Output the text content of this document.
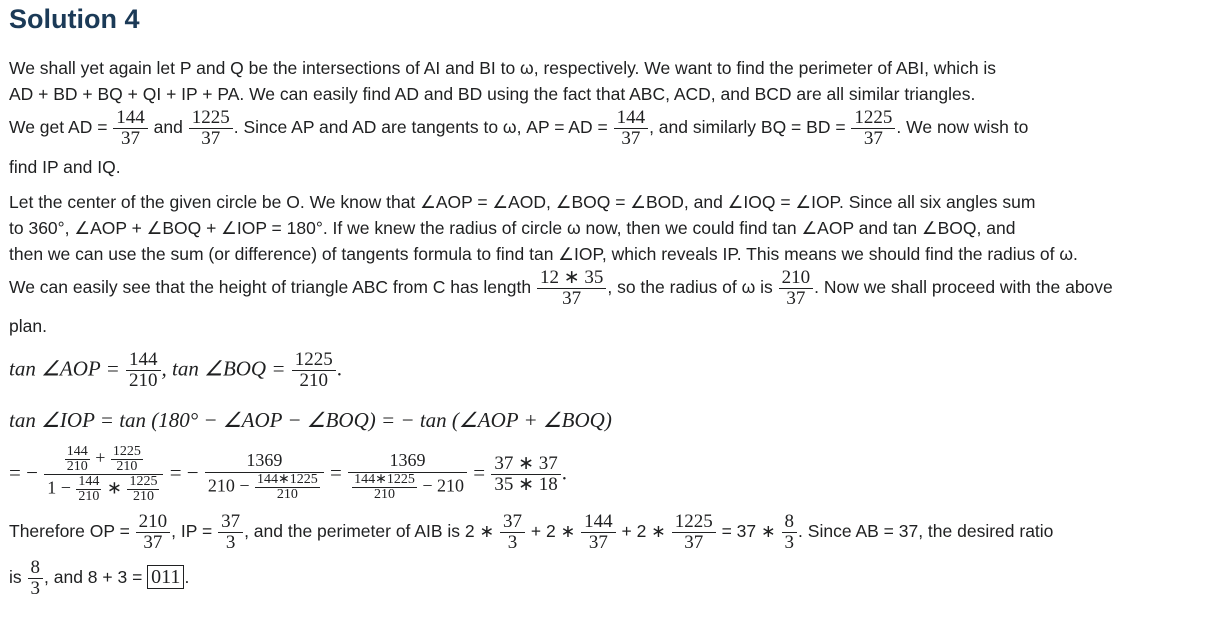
Solution 4
We shall yet again let P and Q be the intersections of AI and BI to ω, respectively. We want to find the perimeter of ABI, which is
AD + BD + BQ + QI + IP + PA. We can easily find AD and BD using the fact that ABC, ACD, and BCD are all similar triangles.
We get AD = $\frac{144}{37}$ and $\frac{1225}{37}$ . Since AP and AD are tangents to ω, AP = AD = $\frac{144}{37}$ , and similarly BQ = BD = $\frac{1225}{37}$ . We now wish to
find IP and IQ.
Let the center of the given circle be O. We know that ∠AOP = ∠AOD, ∠BOQ = ∠BOD, and ∠IOQ = ∠IOP. Since all six angles sum
to 360°, ∠AOP + ∠BOQ + ∠IOP = 180°. If we knew the radius of circle ω now, then we could find tan ∠AOP and tan ∠BOQ, and
then we can use the sum (or difference) of tangents formula to find tan ∠IOP, which reveals IP. This means we should find the radius of ω.
We can easily see that the height of triangle ABC from C has length $\frac{12 ∗ 35}{37}$ , so the radius of ω is $\frac{210}{37}$ . Now we shall proceed with the above
plan.
tan ∠AOP = $\frac{144}{210}$ , tan ∠BOQ = $\frac{1225}{210}$ .
tan ∠IOP = tan (180° − ∠AOP − ∠BOQ) = − tan (∠AOP + ∠BOQ)
= − $\frac{\frac{144}{210} + \frac{1225}{210}}{1 - \frac{144}{210} ∗ \frac{1225}{210}}$ = − $\frac{1369}{210 - \frac{144∗1225}{210}} = \frac{1369}{\frac{144∗1225}{210} - 210} = \frac{37 ∗ 37}{35 ∗ 18}$ .
Therefore OP = $\frac{210}{37}$ , IP = $\frac{37}{3}$ , and the perimeter of AIB is 2 ∗ $\frac{37}{3} + 2$ ∗ $\frac{144}{37} + 2$ ∗ $\frac{1225}{37} = 37$ ∗ $\frac{8}{3}$ . Since AB = 37, the desired ratio
is $\frac{8}{3}$ , and 8 + 3 = 011 .
